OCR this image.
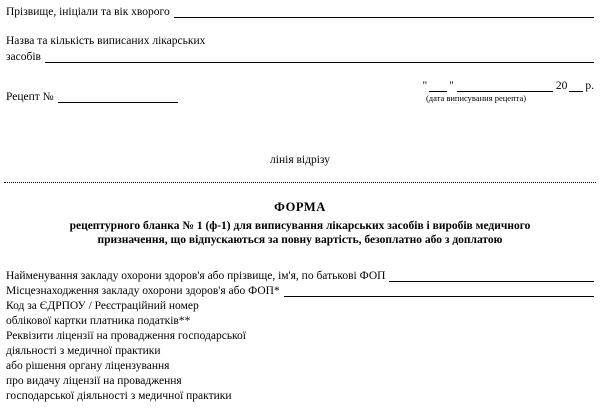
Прізвище, ініціали та вік хворого
Назва та кількість виписаних лікарських
засобів
Рецепт №
" "	20 р.
(дата виписування рецепта)
лінія відрізу
ФОРМА
рецептурного бланка № 1 (ф-1) для виписування лікарських засобів і виробів медичного
призначення, що відпускаються за повну вартість, безоплатно або з доплатою
Найменування закладу охорони здоров'я або прізвище, ім'я, по батькові ФОП
Місцезнаходження закладу охорони здоров'я або ФОП*
Код за ЄДРПОУ / Реєстраційний номер
облікової картки платника податків**
Реквізити ліцензії на провадження господарської
діяльності з медичної практики
або рішення органу ліцензування
про видачу ліцензії на провадження
господарської діяльності з медичної практики
